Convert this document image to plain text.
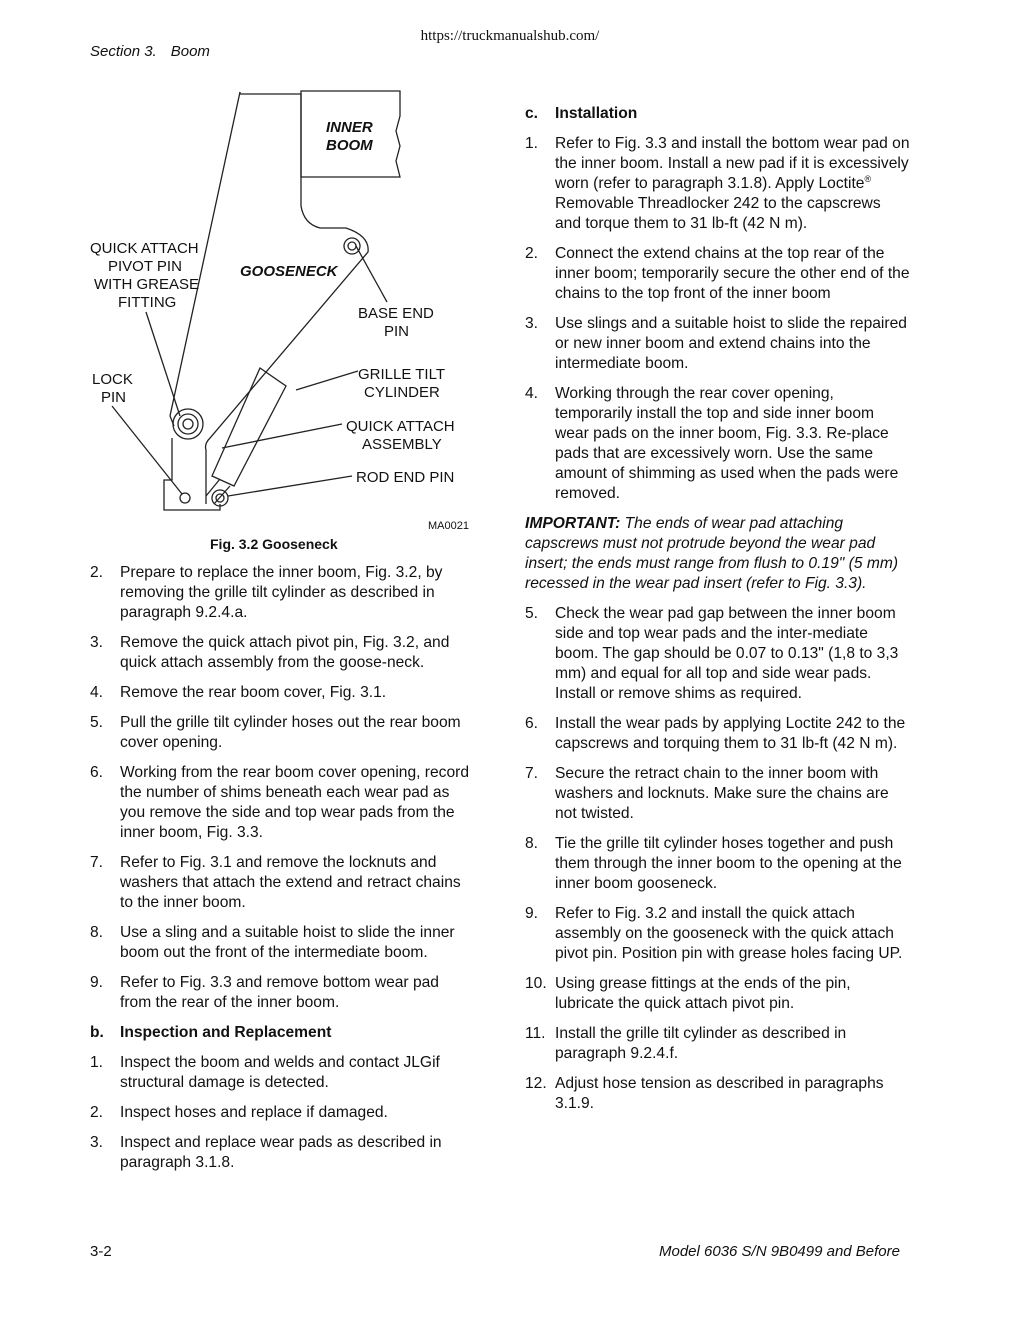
https://truckmanualshub.com/
Section 3. Boom
INNER
BOOM
GOOSENECK
QUICK ATTACH
PIVOT PIN
WITH GREASE
FITTING
BASE END
PIN
LOCK
PIN
GRILLE TILT
CYLINDER
QUICK ATTACH
ASSEMBLY
ROD END PIN
MA0021
Fig. 3.2 Gooseneck
2.	Prepare to replace the inner boom, Fig. 3.2, by removing the grille tilt cylinder as described in paragraph 9.2.4.a.
3.	Remove the quick attach pivot pin, Fig. 3.2, and quick attach assembly from the goose-neck.
4.	Remove the rear boom cover, Fig. 3.1.
5.	Pull the grille tilt cylinder hoses out the rear boom cover opening.
6.	Working from the rear boom cover opening, record the number of shims beneath each wear pad as you remove the side and top wear pads from the inner boom, Fig. 3.3.
7.	Refer to Fig. 3.1 and remove the locknuts and washers that attach the extend and retract chains to the inner boom.
8.	Use a sling and a suitable hoist to slide the inner boom out the front of the intermediate boom.
9.	Refer to Fig. 3.3 and remove bottom wear pad from the rear of the inner boom.
b.	Inspection and Replacement
1.	Inspect the boom and welds and contact JLGif structural damage is detected.
2.	Inspect hoses and replace if damaged.
3.	Inspect and replace wear pads as described in paragraph 3.1.8.
c.	Installation
1.	Refer to Fig. 3.3 and install the bottom wear pad on the inner boom. Install a new pad if it is excessively worn (refer to paragraph 3.1.8). Apply Loctite® Removable Threadlocker 242 to the capscrews and torque them to 31 lb-ft (42 N m).
2.	Connect the extend chains at the top rear of the inner boom; temporarily secure the other end of the chains to the top front of the inner boom
3.	Use slings and a suitable hoist to slide the repaired or new inner boom and extend chains into the intermediate boom.
4.	Working through the rear cover opening, temporarily install the top and side inner boom wear pads on the inner boom, Fig. 3.3. Re-place pads that are excessively worn. Use the same amount of shimming as used when the pads were removed.
IMPORTANT: The ends of wear pad attaching capscrews must not protrude beyond the wear pad insert; the ends must range from flush to 0.19" (5 mm) recessed in the wear pad insert (refer to Fig. 3.3).
5.	Check the wear pad gap between the inner boom side and top wear pads and the inter-mediate boom. The gap should be 0.07 to 0.13" (1,8 to 3,3 mm) and equal for all top and side wear pads. Install or remove shims as required.
6.	Install the wear pads by applying Loctite 242 to the capscrews and torquing them to 31 lb-ft (42 N m).
7.	Secure the retract chain to the inner boom with washers and locknuts. Make sure the chains are not twisted.
8.	Tie the grille tilt cylinder hoses together and push them through the inner boom to the opening at the inner boom gooseneck.
9.	Refer to Fig. 3.2 and install the quick attach assembly on the gooseneck with the quick attach pivot pin. Position pin with grease holes facing UP.
10. Using grease fittings at the ends of the pin, lubricate the quick attach pivot pin.
11. Install the grille tilt cylinder as described in paragraph 9.2.4.f.
12. Adjust hose tension as described in paragraphs 3.1.9.
3-2	Model 6036 S/N 9B0499 and Before
